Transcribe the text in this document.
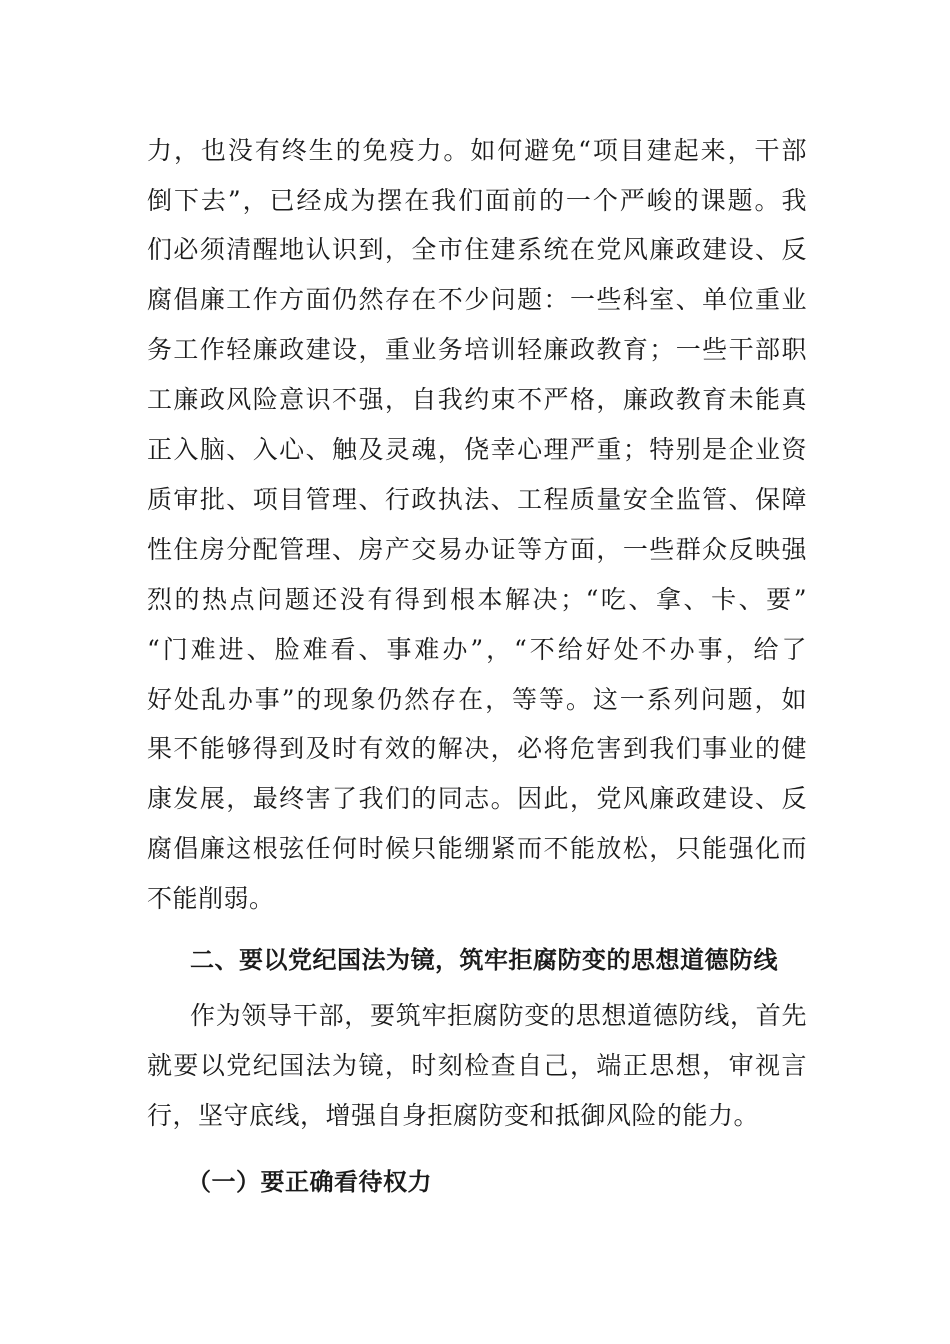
力，也没有终生的免疫力。如何避免“项目建起来，干部
倒下去”，已经成为摆在我们面前的一个严峻的课题。我
们必须清醒地认识到，全市住建系统在党风廉政建设、反
腐倡廉工作方面仍然存在不少问题：一些科室、单位重业
务工作轻廉政建设，重业务培训轻廉政教育；一些干部职
工廉政风险意识不强，自我约束不严格，廉政教育未能真
正入脑、入心、触及灵魂，侥幸心理严重；特别是企业资
质审批、项目管理、行政执法、工程质量安全监管、保障
性住房分配管理、房产交易办证等方面，一些群众反映强
烈的热点问题还没有得到根本解决；“吃、拿、卡、要”
“门难进、脸难看、事难办”，“不给好处不办事，给了
好处乱办事”的现象仍然存在，等等。这一系列问题，如
果不能够得到及时有效的解决，必将危害到我们事业的健
康发展，最终害了我们的同志。因此，党风廉政建设、反
腐倡廉这根弦任何时候只能绷紧而不能放松，只能强化而
不能削弱。
二、要以党纪国法为镜，筑牢拒腐防变的思想道德防线
作为领导干部，要筑牢拒腐防变的思想道德防线，首先
就要以党纪国法为镜，时刻检查自己，端正思想，审视言
行，坚守底线，增强自身拒腐防变和抵御风险的能力。
（一）要正确看待权力
